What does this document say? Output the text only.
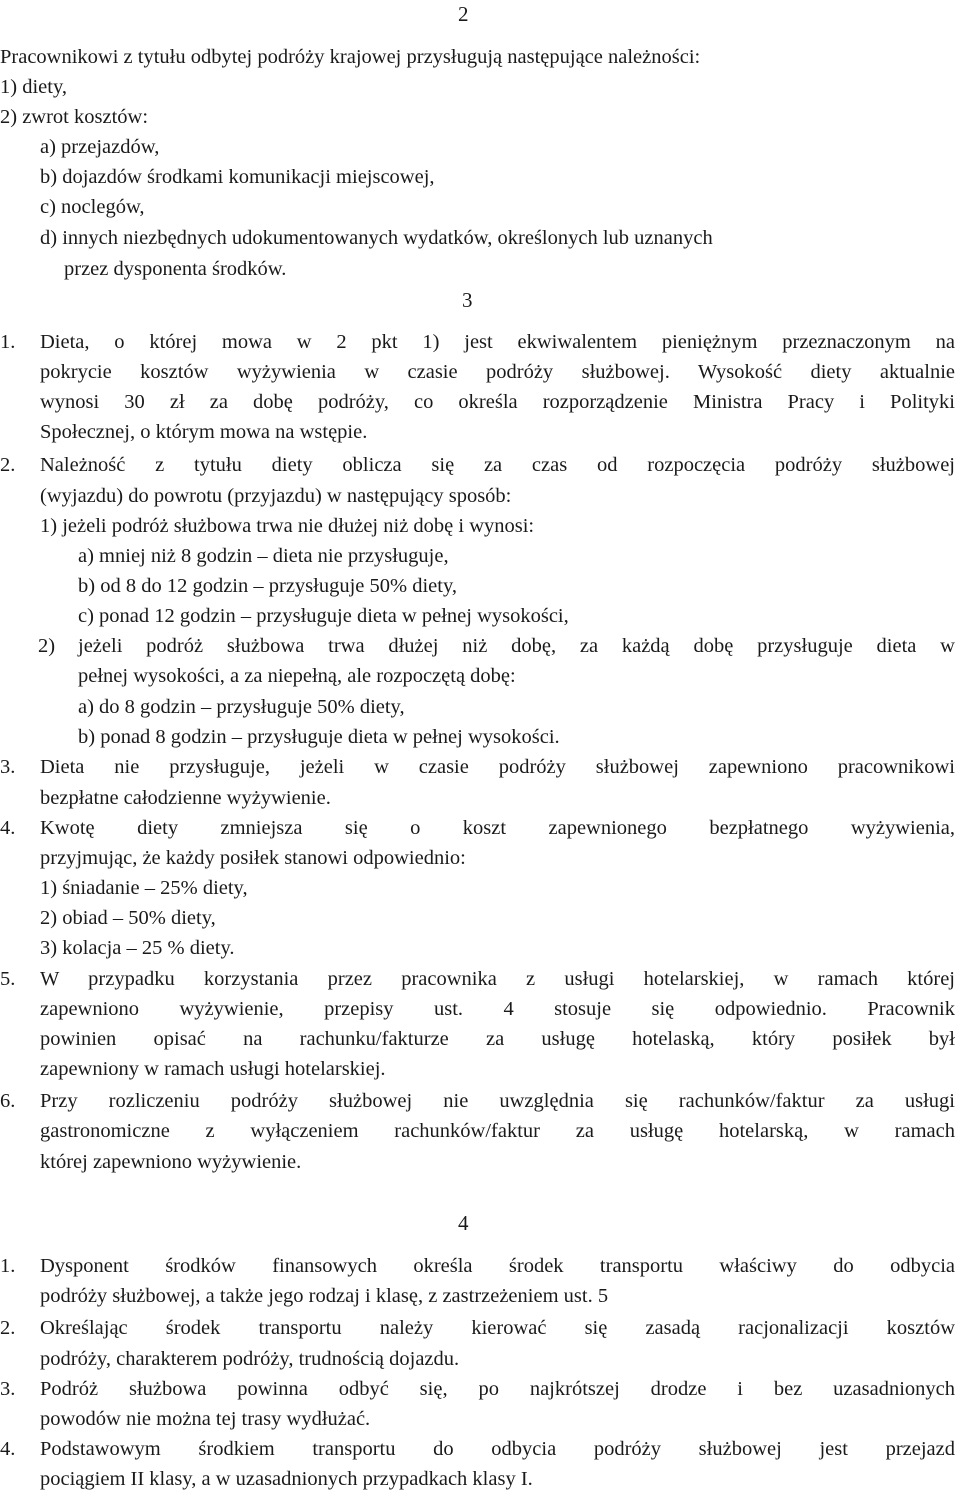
2
Pracownikowi z tytułu odbytej podróży krajowej przysługują następujące należności:
1) diety,
2) zwrot kosztów:
a) przejazdów,
b) dojazdów środkami komunikacji miejscowej,
c) noclegów,
d) innych niezbędnych udokumentowanych wydatków, określonych lub uznanych
przez dysponenta środków.
3
1. Dieta, o której mowa w 2 pkt 1) jest ekwiwalentem pieniężnym przeznaczonym na
pokrycie kosztów wyżywienia w czasie podróży służbowej. Wysokość diety aktualnie
wynosi 30 zł za dobę podróży, co określa rozporządzenie Ministra Pracy i Polityki
Społecznej, o którym mowa na wstępie.
2. Należność z tytułu diety oblicza się za czas od rozpoczęcia podróży służbowej
(wyjazdu) do powrotu (przyjazdu) w następujący sposób:
1) jeżeli podróż służbowa trwa nie dłużej niż dobę i wynosi:
a) mniej niż 8 godzin – dieta nie przysługuje,
b) od 8 do 12 godzin – przysługuje 50% diety,
c) ponad 12 godzin – przysługuje dieta w pełnej wysokości,
2) jeżeli podróż służbowa trwa dłużej niż dobę, za każdą dobę przysługuje dieta w
pełnej wysokości, a za niepełną, ale rozpoczętą dobę:
a) do 8 godzin – przysługuje 50% diety,
b) ponad 8 godzin – przysługuje dieta w pełnej wysokości.
3. Dieta nie przysługuje, jeżeli w czasie podróży służbowej zapewniono pracownikowi
bezpłatne całodzienne wyżywienie.
4. Kwotę diety zmniejsza się o koszt zapewnionego bezpłatnego wyżywienia,
przyjmując, że każdy posiłek stanowi odpowiednio:
1) śniadanie – 25% diety,
2) obiad – 50% diety,
3) kolacja – 25 % diety.
5. W przypadku korzystania przez pracownika z usługi hotelarskiej, w ramach której
zapewniono wyżywienie, przepisy ust. 4 stosuje się odpowiednio. Pracownik
powinien opisać na rachunku/fakturze za usługę hotelaską, który posiłek był
zapewniony w ramach usługi hotelarskiej.
6. Przy rozliczeniu podróży służbowej nie uwzględnia się rachunków/faktur za usługi
gastronomiczne z wyłączeniem rachunków/faktur za usługę hotelarską, w ramach
której zapewniono wyżywienie.
4
1. Dysponent środków finansowych określa środek transportu właściwy do odbycia
podróży służbowej, a także jego rodzaj i klasę, z zastrzeżeniem ust. 5
2. Określając środek transportu należy kierować się zasadą racjonalizacji kosztów
podróży, charakterem podróży, trudnością dojazdu.
3. Podróż służbowa powinna odbyć się, po najkrótszej drodze i bez uzasadnionych
powodów nie można tej trasy wydłużać.
4. Podstawowym środkiem transportu do odbycia podróży służbowej jest przejazd
pociągiem II klasy, a w uzasadnionych przypadkach klasy I.
